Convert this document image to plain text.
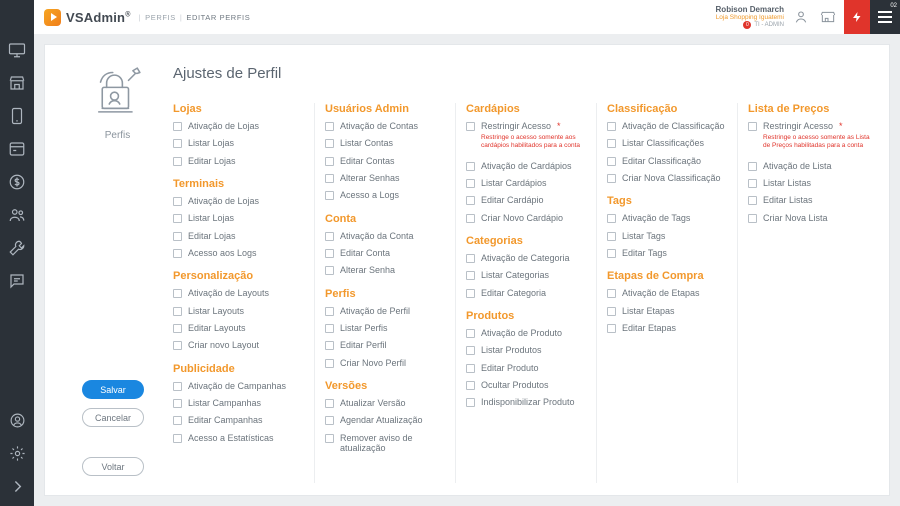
VSAdmin® | PERFIS | EDITAR PERFIS
Robison Demarch
Loja Shopping Iguatemi
0 TI - ADMIN
02
Perfis
Ajustes de Perfil
Salvar
Cancelar
Voltar
Lojas
Ativação de Lojas
Listar Lojas
Editar Lojas
Terminais
Ativação de Lojas
Listar Lojas
Editar Lojas
Acesso aos Logs
Personalização
Ativação de Layouts
Listar Layouts
Editar Layouts
Criar novo Layout
Publicidade
Ativação de Campanhas
Listar Campanhas
Editar Campanhas
Acesso a Estatísticas
Usuários Admin
Ativação de Contas
Listar Contas
Editar Contas
Alterar Senhas
Acesso a Logs
Conta
Ativação da Conta
Editar Conta
Alterar Senha
Perfis
Ativação de Perfil
Listar Perfis
Editar Perfil
Criar Novo Perfil
Versões
Atualizar Versão
Agendar Atualização
Remover aviso de atualização
Cardápios
Restringir Acesso *
Restringe o acesso somente aos cardápios habilitados para a conta
Ativação de Cardápios
Listar Cardápios
Editar Cardápio
Criar Novo Cardápio
Categorias
Ativação de Categoria
Listar Categorias
Editar Categoria
Produtos
Ativação de Produto
Listar Produtos
Editar Produto
Ocultar Produtos
Indisponibilizar Produto
Classificação
Ativação de Classificação
Listar Classificações
Editar Classificação
Criar Nova Classificação
Tags
Ativação de Tags
Listar Tags
Editar Tags
Etapas de Compra
Ativação de Etapas
Listar Etapas
Editar Etapas
Lista de Preços
Restringir Acesso *
Restringe o acesso somente as Lista de Preços habilitadas para a conta
Ativação de Lista
Listar Listas
Editar Listas
Criar Nova Lista
